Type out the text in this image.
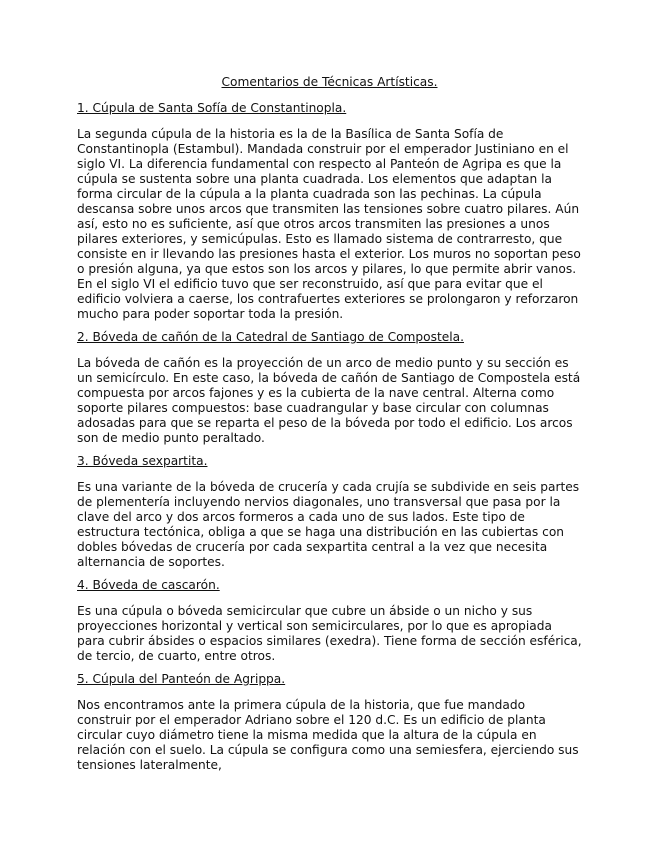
Comentarios de Técnicas Artísticas.
1. Cúpula de Santa Sofía de Constantinopla.
La segunda cúpula de la historia es la de la Basílica de Santa Sofía de Constantinopla (Estambul). Mandada construir por el emperador Justiniano en el siglo VI. La diferencia fundamental con respecto al Panteón de Agripa es que la cúpula se sustenta sobre una planta cuadrada. Los elementos que adaptan la forma circular de la cúpula a la planta cuadrada son las pechinas. La cúpula descansa sobre unos arcos que transmiten las tensiones sobre cuatro pilares. Aún así, esto no es suficiente, así que otros arcos transmiten las presiones a unos pilares exteriores, y semicúpulas. Esto es llamado sistema de contrarresto, que consiste en ir llevando las presiones hasta el exterior. Los muros no soportan peso o presión alguna, ya que estos son los arcos y pilares, lo que permite abrir vanos. En el siglo VI el edificio tuvo que ser reconstruido, así que para evitar que el edificio volviera a caerse, los contrafuertes exteriores se prolongaron y reforzaron mucho para poder soportar toda la presión.
2. Bóveda de cañón de la Catedral de Santiago de Compostela.
La bóveda de cañón es la proyección de un arco de medio punto y su sección es un semicírculo. En este caso, la bóveda de cañón de Santiago de Compostela está compuesta por arcos fajones y es la cubierta de la nave central. Alterna como soporte pilares compuestos: base cuadrangular y base circular con columnas adosadas para que se reparta el peso de la bóveda por todo el edificio. Los arcos son de medio punto peraltado.
3. Bóveda sexpartita.
Es una variante de la bóveda de crucería y cada crujía se subdivide en seis partes de plementería incluyendo nervios diagonales, uno transversal que pasa por la clave del arco y dos arcos formeros a cada uno de sus lados. Este tipo de estructura tectónica, obliga a que se haga una distribución en las cubiertas con dobles bóvedas de crucería por cada sexpartita central a la vez que necesita alternancia de soportes.
4. Bóveda de cascarón.
Es una cúpula o bóveda semicircular que cubre un ábside o un nicho y sus proyecciones horizontal y vertical son semicirculares, por lo que es apropiada para cubrir ábsides o espacios similares (exedra). Tiene forma de sección esférica, de tercio, de cuarto, entre otros.
5. Cúpula del Panteón de Agrippa.
Nos encontramos ante la primera cúpula de la historia, que fue mandado construir por el emperador Adriano sobre el 120 d.C. Es un edificio de planta circular cuyo diámetro tiene la misma medida que la altura de la cúpula en relación con el suelo. La cúpula se configura como una semiesfera, ejerciendo sus tensiones lateralmente,
